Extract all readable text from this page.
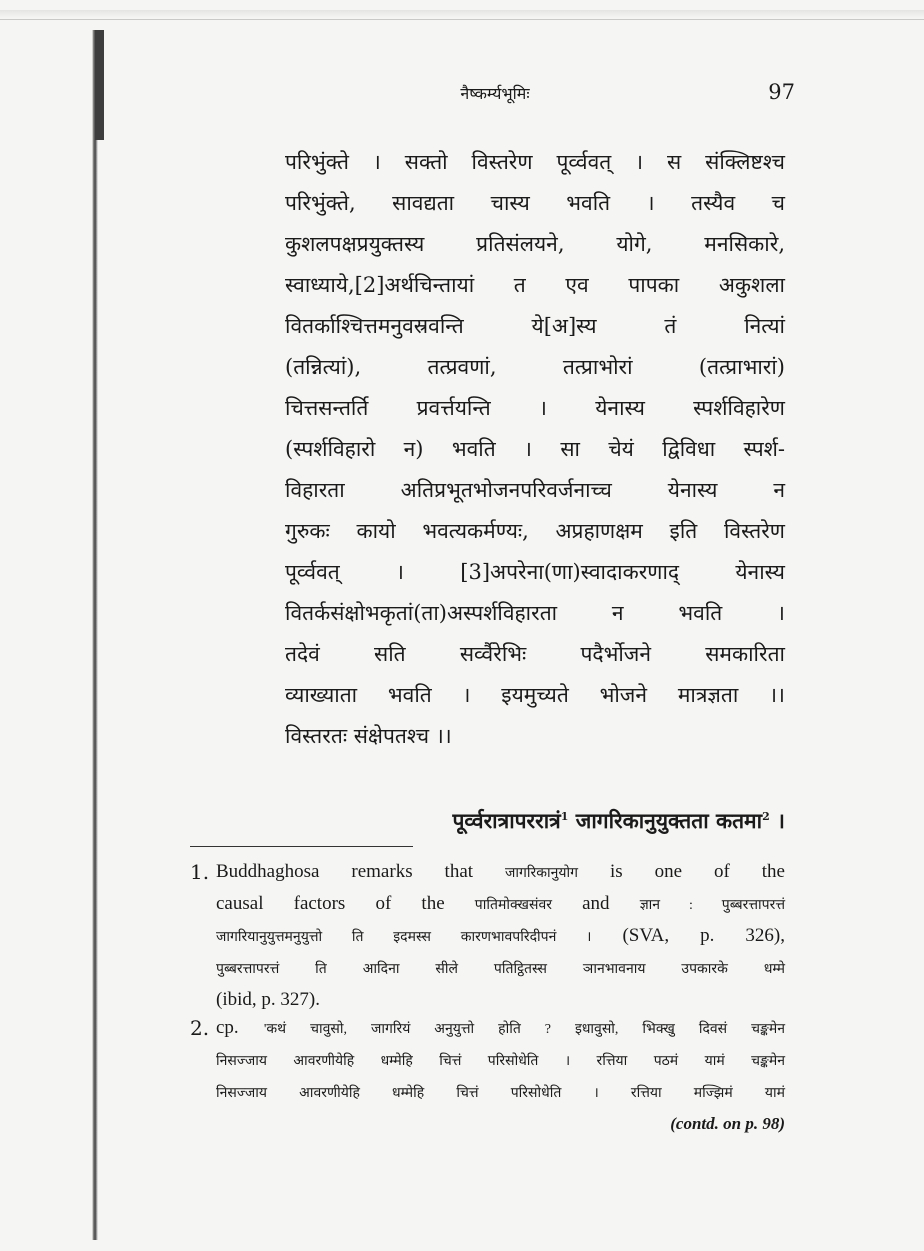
नैष्कर्म्यभूमिः	97
परिभुंक्ते । सक्तो विस्तरेण पूर्व्ववत् । स संक्लिष्टश्च
परिभुंक्ते, सावद्यता चास्य भवति । तस्यैव च
कुशलपक्षप्रयुक्तस्य प्रतिसंलयने, योगे, मनसिकारे,
स्वाध्याये,[2]अर्थचिन्तायां त एव पापका अकुशला
वितर्काश्चित्तमनुवस्रवन्ति ये[अ]स्य तं नित्यां
(तन्नित्यां), तत्प्रवणां, तत्प्राभोरां (तत्प्राभारां)
चित्तसन्तर्ति प्रवर्त्तयन्ति । येनास्य स्पर्शविहारेण
(स्पर्शविहारो न) भवति । सा चेयं द्विविधा स्पर्श-
विहारता अतिप्रभूतभोजनपरिवर्जनाच्च येनास्य न
गुरुकः कायो भवत्यकर्मण्यः, अप्रहाणक्षम इति विस्तरेण
पूर्व्ववत् । [3]अपरेना(णा)स्वादाकरणाद् येनास्य
वितर्कसंक्षोभकृतां(ता)अस्पर्शविहारता न भवति ।
तदेवं सति सर्व्वैरेभिः पदैर्भोजने समकारिता
व्याख्याता भवति । इयमुच्यते भोजने मात्रज्ञता ।।
विस्तरतः संक्षेपतश्च ।।
पूर्व्वरात्रापररात्रं$^1$ जागरिकानुयुक्तता कतमा$^2$ ।
1. Buddhaghosa remarks that जागरिकानुयोग is one of the
causal factors of the पातिमोक्खसंवर and ज्ञान : पुब्बरत्तापरत्तं
जागरियानुयुत्तमनुयुत्तो ति इदमस्स कारणभावपरिदीपनं । (SVA, p. 326),
पुब्बरत्तापरत्तं ति आदिना सीले पतिट्ठितस्स ञानभावनाय उपकारके धम्मे
(ibid, p. 327).
2. cp. 'कथं चावुसो, जागरियं अनुयुत्तो होति ? इधावुसो, भिक्खु दिवसं चङ्कमेन
निसज्जाय आवरणीयेहि धम्मेहि चित्तं परिसोधेति । रत्तिया पठमं यामं चङ्कमेन
निसज्जाय आवरणीयेहि धम्मेहि चित्तं परिसोधेति । रत्तिया मज्झिमं यामं
(contd. on p. 98)
